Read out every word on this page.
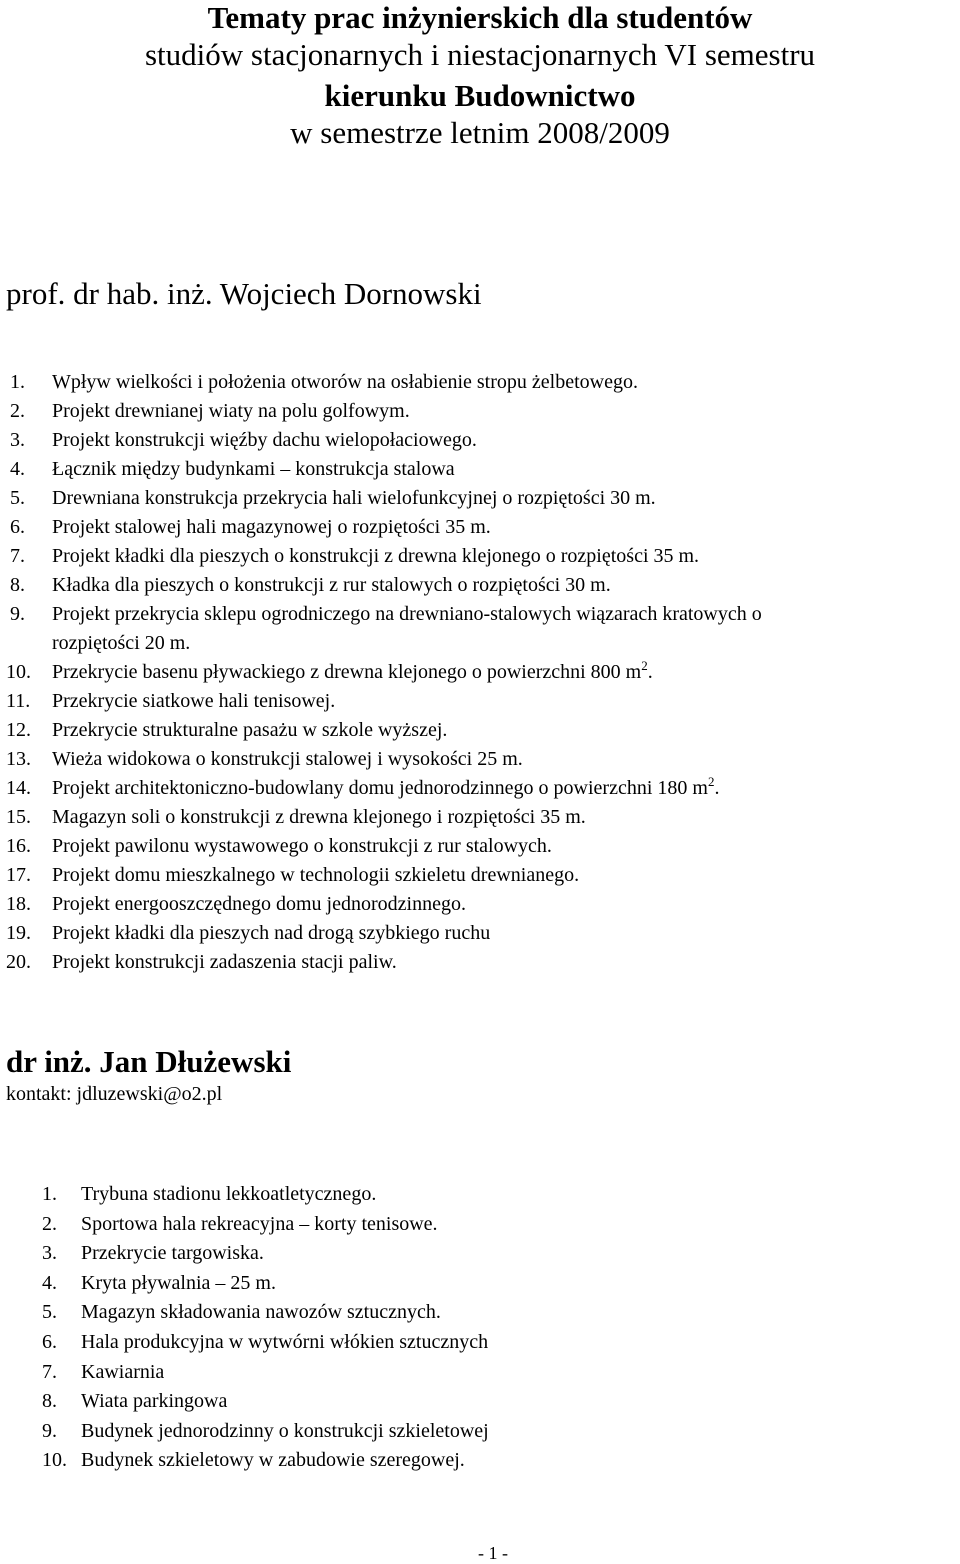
Tematy prac inżynierskich dla studentów
studiów stacjonarnych i niestacjonarnych VI semestru
kierunku Budownictwo
w semestrze letnim 2008/2009
prof. dr hab. inż. Wojciech Dornowski
1. Wpływ wielkości i położenia otworów na osłabienie stropu żelbetowego.
2. Projekt drewnianej wiaty na polu golfowym.
3. Projekt konstrukcji więźby dachu wielopołaciowego.
4. Łącznik między budynkami – konstrukcja stalowa
5. Drewniana konstrukcja przekrycia hali wielofunkcyjnej o rozpiętości 30 m.
6. Projekt stalowej hali magazynowej o rozpiętości 35 m.
7. Projekt kładki dla pieszych o konstrukcji z drewna klejonego o rozpiętości 35 m.
8. Kładka dla pieszych o konstrukcji z rur stalowych o rozpiętości 30 m.
9. Projekt przekrycia sklepu ogrodniczego na drewniano-stalowych wiązarach kratowych o
rozpiętości 20 m.
10. Przekrycie basenu pływackiego z drewna klejonego o powierzchni 800 $m^2$.
11. Przekrycie siatkowe hali tenisowej.
12. Przekrycie strukturalne pasażu w szkole wyższej.
13. Wieża widokowa o konstrukcji stalowej i wysokości 25 m.
14. Projekt architektoniczno-budowlany domu jednorodzinnego o powierzchni 180 $m^2$.
15. Magazyn soli o konstrukcji z drewna klejonego i rozpiętości 35 m.
16. Projekt pawilonu wystawowego o konstrukcji z rur stalowych.
17. Projekt domu mieszkalnego w technologii szkieletu drewnianego.
18. Projekt energooszczędnego domu jednorodzinnego.
19. Projekt kładki dla pieszych nad drogą szybkiego ruchu
20. Projekt konstrukcji zadaszenia stacji paliw.
dr inż. Jan Dłużewski
kontakt: jdluzewski@o2.pl
1. Trybuna stadionu lekkoatletycznego.
2. Sportowa hala rekreacyjna – korty tenisowe.
3. Przekrycie targowiska.
4. Kryta pływalnia – 25 m.
5. Magazyn składowania nawozów sztucznych.
6. Hala produkcyjna w wytwórni włókien sztucznych
7. Kawiarnia
8. Wiata parkingowa
9. Budynek jednorodzinny o konstrukcji szkieletowej
10. Budynek szkieletowy w zabudowie szeregowej.
- 1 -
